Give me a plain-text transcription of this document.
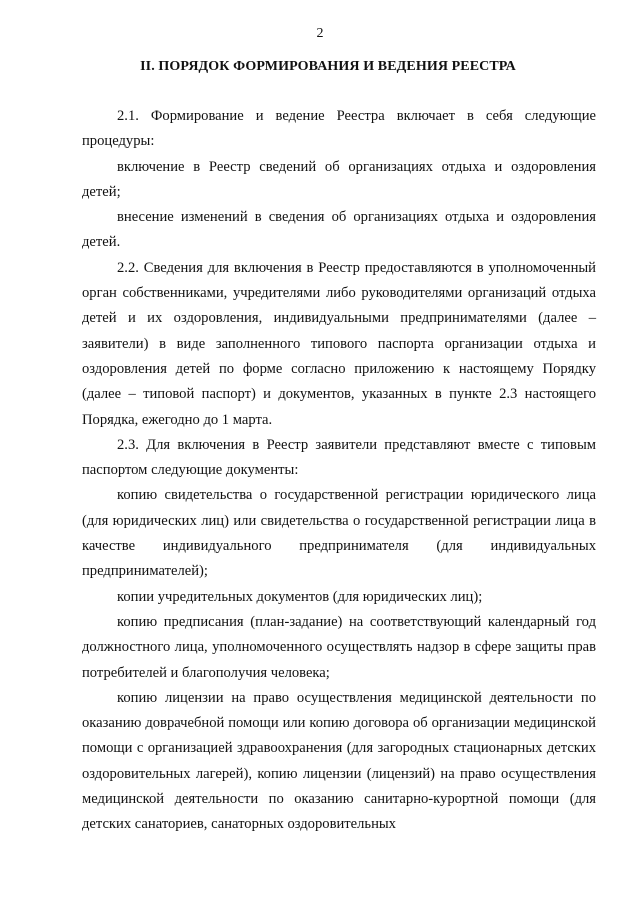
2
II. ПОРЯДОК ФОРМИРОВАНИЯ И ВЕДЕНИЯ РЕЕСТРА

2.1. Формирование и ведение Реестра включает в себя следующие процедуры:

включение в Реестр сведений об организациях отдыха и оздоровления детей;

внесение изменений в сведения об организациях отдыха и оздоровления детей.

2.2. Сведения для включения в Реестр предоставляются в уполномоченный орган собственниками, учредителями либо руководителями организаций отдыха детей и их оздоровления, индивидуальными предпринимателями (далее – заявители) в виде заполненного типового паспорта организации отдыха и оздоровления детей по форме согласно приложению к настоящему Порядку (далее – типовой паспорт) и документов, указанных в пункте 2.3 настоящего Порядка, ежегодно до 1 марта.

2.3. Для включения в Реестр заявители представляют вместе с типовым паспортом следующие документы:

копию свидетельства о государственной регистрации юридического лица (для юридических лиц) или свидетельства о государственной регистрации лица в качестве индивидуального предпринимателя (для индивидуальных предпринимателей);

копии учредительных документов (для юридических лиц);

копию предписания (план-задание) на соответствующий календарный год должностного лица, уполномоченного осуществлять надзор в сфере защиты прав потребителей и благополучия человека;

копию лицензии на право осуществления медицинской деятельности по оказанию доврачебной помощи или копию договора об организации медицинской помощи с организацией здравоохранения (для загородных стационарных детских оздоровительных лагерей), копию лицензии (лицензий) на право осуществления медицинской деятельности по оказанию санитарно-курортной помощи (для детских санаториев, санаторных оздоровительных
